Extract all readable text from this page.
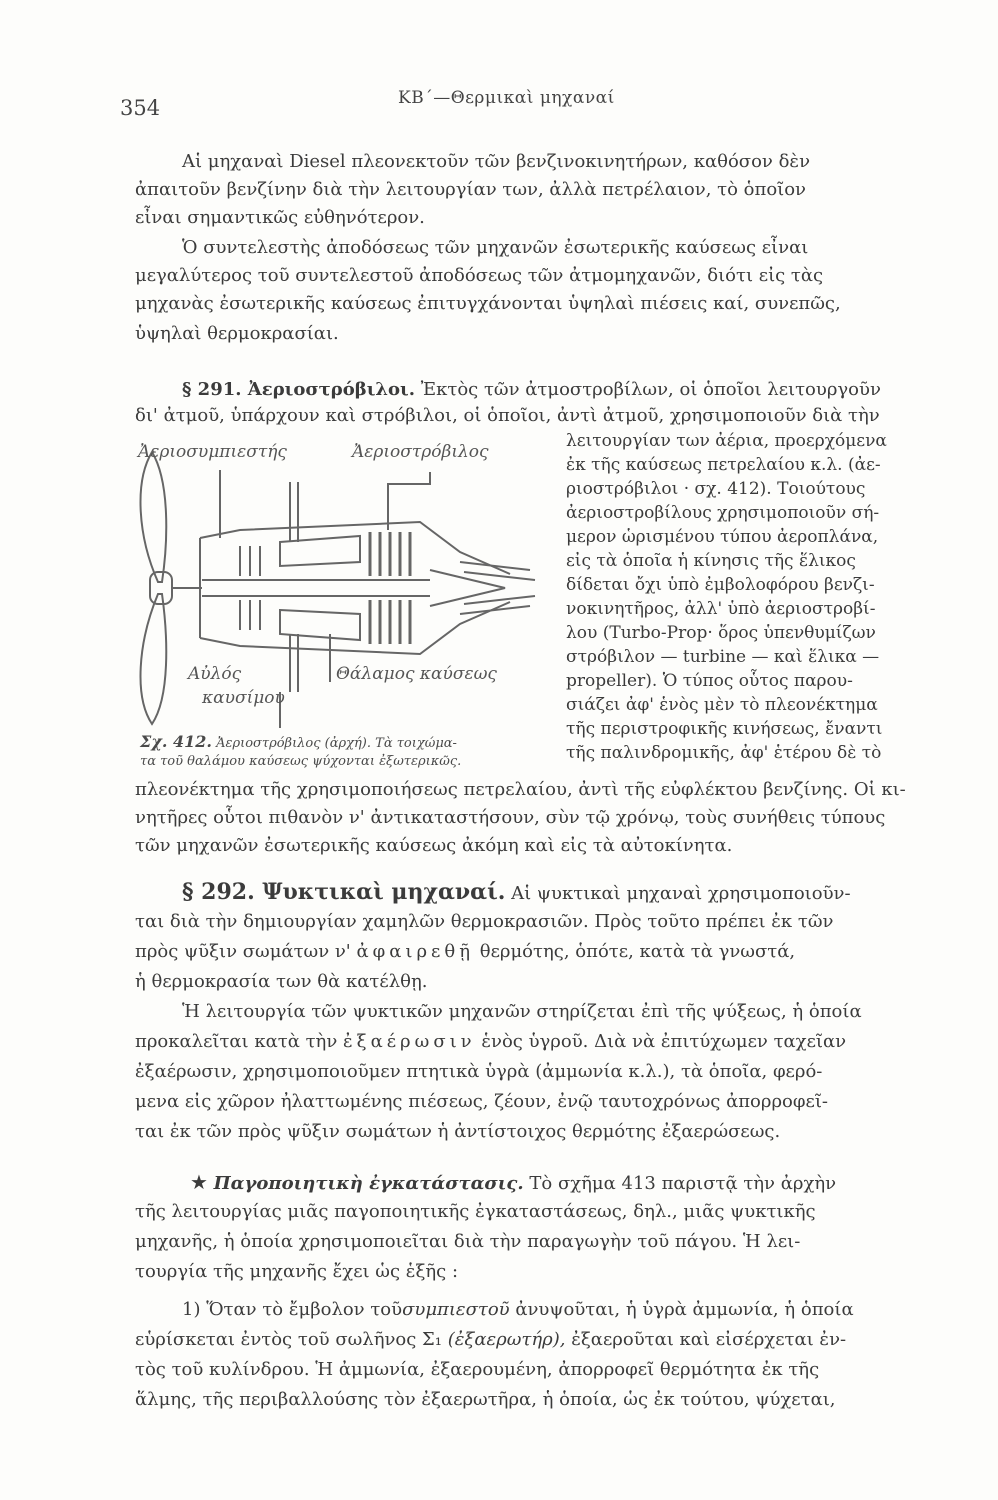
354	ΚΒ΄—Θερμικαὶ μηχαναί
Αἱ μηχαναὶ Diesel πλεονεκτοῦν τῶν βενζινοκινητήρων, καθόσον δὲν
ἀπαιτοῦν βενζίνην διὰ τὴν λειτουργίαν των, ἀλλὰ πετρέλαιον, τὸ ὁποῖον
εἶναι σημαντικῶς εὐθηνότερον.
Ὁ συντελεστὴς ἀποδόσεως τῶν μηχανῶν ἐσωτερικῆς καύσεως εἶναι
μεγαλύτερος τοῦ συντελεστοῦ ἀποδόσεως τῶν ἀτμομηχανῶν, διότι εἰς τὰς
μηχανὰς ἐσωτερικῆς καύσεως ἐπιτυγχάνονται ὑψηλαὶ πιέσεις καί, συνεπῶς,
ὑψηλαὶ θερμοκρασίαι.
§ 291. Ἀεριοστρόβιλοι. Ἐκτὸς τῶν ἀτμοστροβίλων, οἱ ὁποῖοι λειτουργοῦν
δι' ἀτμοῦ, ὑπάρχουν καὶ στρόβιλοι, οἱ ὁποῖοι, ἀντὶ ἀτμοῦ, χρησιμοποιοῦν διὰ τὴν
λειτουργίαν των ἀέρια, προερχόμενα
ἐκ τῆς καύσεως πετρελαίου κ.λ. (ἀε-
ριοστρόβιλοι · σχ. 412). Τοιούτους
ἀεριοστροβίλους χρησιμοποιοῦν σή-
μερον ὡρισμένου τύπου ἀεροπλάνα,
εἰς τὰ ὁποῖα ἡ κίνησις τῆς ἕλικος
δίδεται ὄχι ὑπὸ ἐμβολοφόρου βενζι-
νοκινητῆρος, ἀλλ' ὑπὸ ἀεριοστροβί-
λου (Turbo-Prop· ὅρος ὑπενθυμίζων
στρόβιλον — turbine — καὶ ἕλικα —
propeller). Ὁ τύπος οὗτος παρου-
σιάζει ἀφ' ἑνὸς μὲν τὸ πλεονέκτημα
τῆς περιστροφικῆς κινήσεως, ἔναντι
τῆς παλινδρομικῆς, ἀφ' ἑτέρου δὲ τὸ
Ἀεριοσυμπιεστής	Ἀεριοστρόβιλος
Αὐλός
καυσίμου
Θάλαμος καύσεως
Σχ. 412. Ἀεριοστρόβιλος (ἀρχή). Τὰ τοιχώμα-
τα τοῦ θαλάμου καύσεως ψύχονται ἐξωτερικῶς.
πλεονέκτημα τῆς χρησιμοποιήσεως πετρελαίου, ἀντὶ τῆς εὐφλέκτου βενζίνης. Οἱ κι-
νητῆρες οὗτοι πιθανὸν ν' ἀντικαταστήσουν, σὺν τῷ χρόνῳ, τοὺς συνήθεις τύπους
τῶν μηχανῶν ἐσωτερικῆς καύσεως ἀκόμη καὶ εἰς τὰ αὐτοκίνητα.
§ 292. Ψυκτικαὶ μηχαναί. Αἱ ψυκτικαὶ μηχαναὶ χρησιμοποιοῦν-
ται διὰ τὴν δημιουργίαν χαμηλῶν θερμοκρασιῶν. Πρὸς τοῦτο πρέπει ἐκ τῶν
πρὸς ψῦξιν σωμάτων ν' ἀφαιρεθῇ θερμότης, ὁπότε, κατὰ τὰ γνωστά,
ἡ θερμοκρασία των θὰ κατέλθῃ.
Ἡ λειτουργία τῶν ψυκτικῶν μηχανῶν στηρίζεται ἐπὶ τῆς ψύξεως, ἡ ὁποία
προκαλεῖται κατὰ τὴν ἐξαέρωσιν ἑνὸς ὑγροῦ. Διὰ νὰ ἐπιτύχωμεν ταχεῖαν
ἐξαέρωσιν, χρησιμοποιοῦμεν πτητικὰ ὑγρὰ (ἀμμωνία κ.λ.), τὰ ὁποῖα, φερό-
μενα εἰς χῶρον ἠλαττωμένης πιέσεως, ζέουν, ἐνῷ ταυτοχρόνως ἀπορροφεῖ-
ται ἐκ τῶν πρὸς ψῦξιν σωμάτων ἡ ἀντίστοιχος θερμότης ἐξαερώσεως.
★ Παγοποιητικὴ ἐγκατάστασις. Τὸ σχῆμα 413 παριστᾷ τὴν ἀρχὴν
τῆς λειτουργίας μιᾶς παγοποιητικῆς ἐγκαταστάσεως, δηλ., μιᾶς ψυκτικῆς
μηχανῆς, ἡ ὁποία χρησιμοποιεῖται διὰ τὴν παραγωγὴν τοῦ πάγου. Ἡ λει-
τουργία τῆς μηχανῆς ἔχει ὡς ἑξῆς :
1) Ὅταν τὸ ἔμβολον τοῦσυμπιεστοῦ ἀνυψοῦται, ἡ ὑγρὰ ἀμμωνία, ἡ ὁποία
εὑρίσκεται ἐντὸς τοῦ σωλῆνος Σ₁ (ἐξαερωτήρ), ἐξαεροῦται καὶ εἰσέρχεται ἐν-
τὸς τοῦ κυλίνδρου. Ἡ ἀμμωνία, ἐξαερουμένη, ἀπορροφεῖ θερμότητα ἐκ τῆς
ἅλμης, τῆς περιβαλλούσης τὸν ἐξαερωτῆρα, ἡ ὁποία, ὡς ἐκ τούτου, ψύχεται,
